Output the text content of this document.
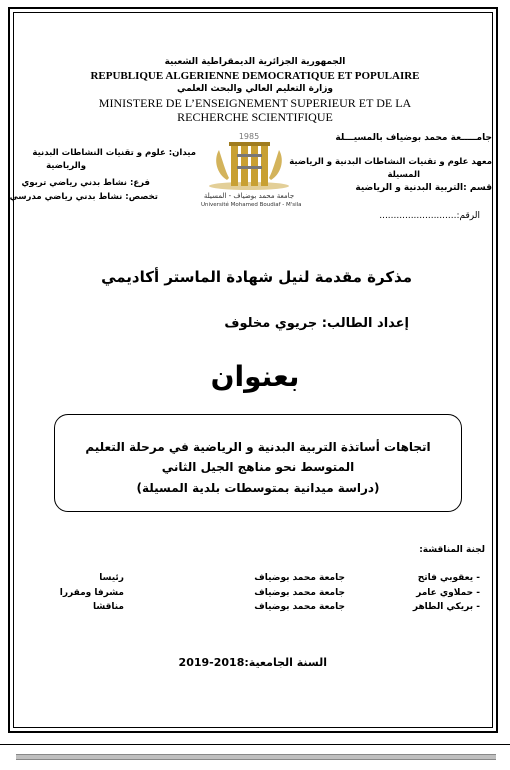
الجمهورية الجزائرية الديمقراطية الشعبية
REPUBLIQUE ALGERIENNE DEMOCRATIQUE ET POPULAIRE
وزارة التعليم العالي والبحث العلمي
MINISTERE DE L’ENSEIGNEMENT SUPERIEUR ET DE LA
RECHERCHE SCIENTIFIQUE
جامـــــعة محمد بوضياف بالمسيـــلة
معهد علوم و تقنيات النشاطات البدنية و الرياضية
المسيلة
قسم :التربية البدنية و الرياضية
الرقم:...........................
ميدان: علوم و تقنيات النشاطات البدنية
والرياضية
فرع: نشاط بدني رياضي تربوي
تخصص: نشاط بدني رياضي مدرسي
1985
جامعة محمد بوضياف - المسيلة
Université Mohamed Boudiaf - M'sila
مذكرة مقدمة لنيل شهادة الماستر أكاديمي
إعداد الطالب: جريوي مخلوف
بعنوان
اتجاهات أساتذة التربية البدنية و الرياضية في مرحلة التعليم
المتوسط نحو مناهج الجيل الثاني
(دراسة ميدانية بمتوسطات بلدية المسيلة)
لجنة المناقشة:
- يعقوبي فاتح
جامعة محمد بوضياف
رئيسا
- حملاوي عامر
جامعة محمد بوضياف
مشرفا ومقررا
- بريكي الطاهر
جامعة محمد بوضياف
مناقشا
السنة الجامعية:2018-2019
